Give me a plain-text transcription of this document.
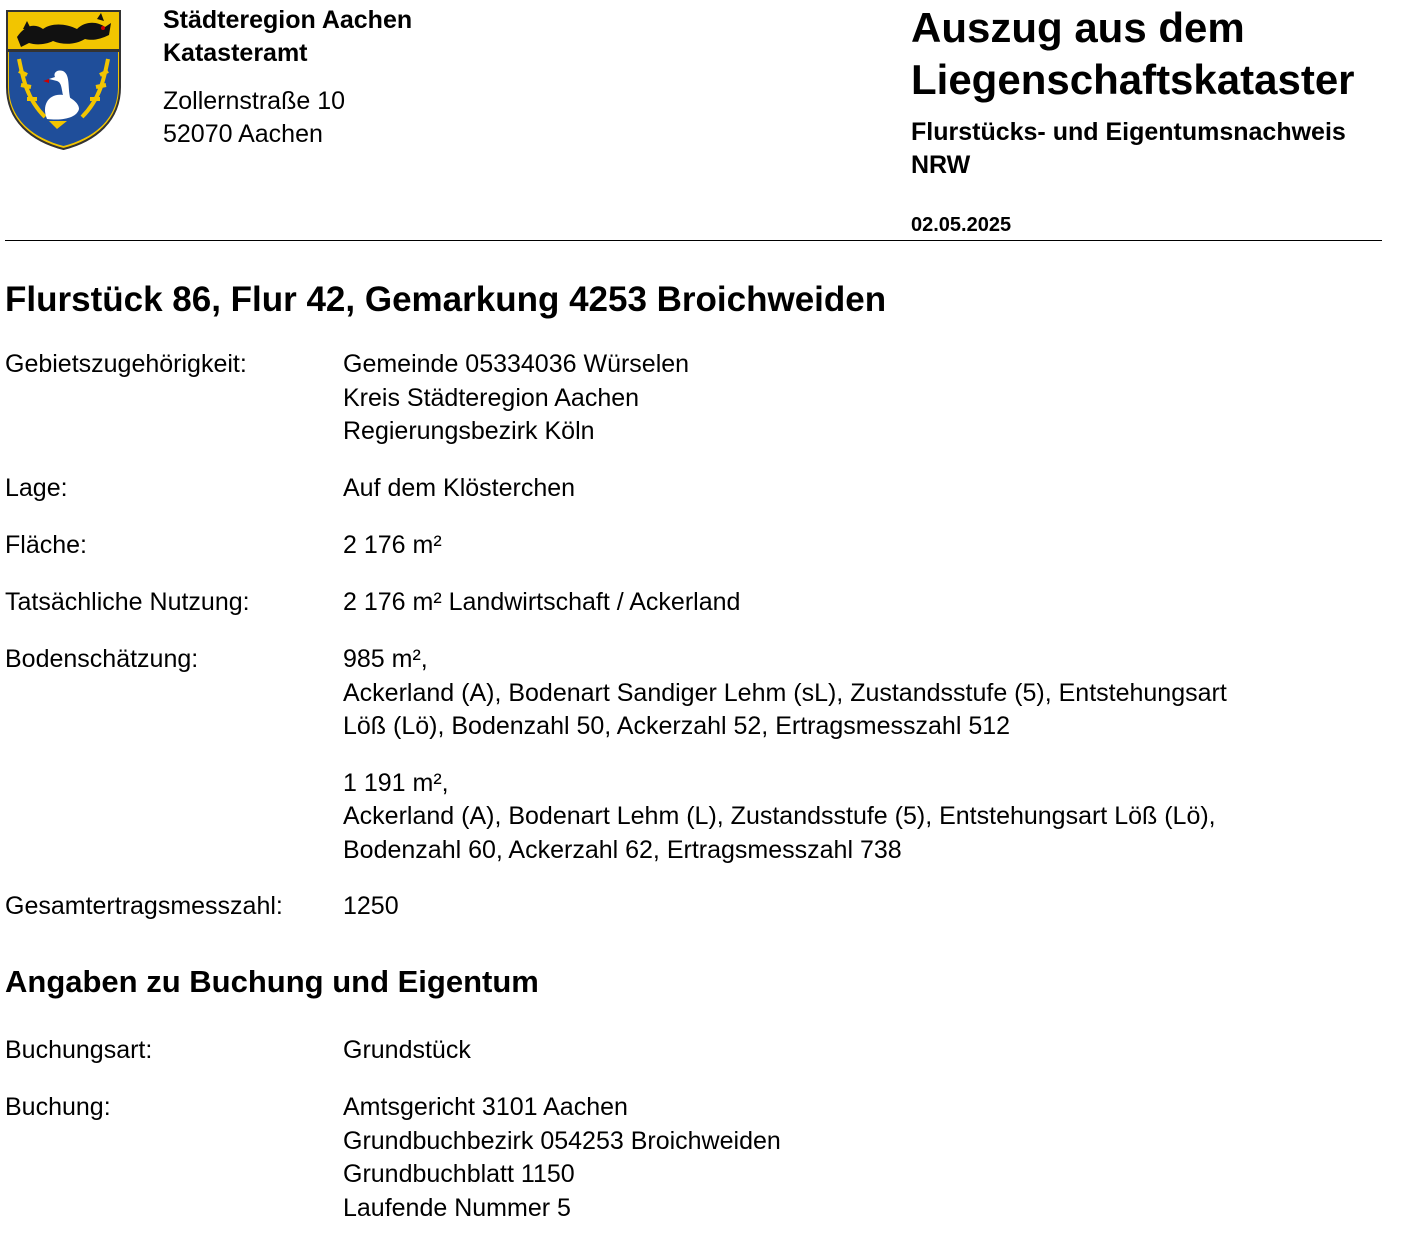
Städteregion Aachen
Katasteramt
Zollernstraße 10
52070 Aachen
Auszug aus dem
Liegenschaftskataster
Flurstücks- und Eigentumsnachweis
NRW
02.05.2025
Flurstück 86, Flur 42, Gemarkung 4253 Broichweiden
Gebietszugehörigkeit:	Gemeinde 05334036 Würselen
Kreis Städteregion Aachen
Regierungsbezirk Köln
Lage:	Auf dem Klösterchen
Fläche:	2 176 m²
Tatsächliche Nutzung:	2 176 m² Landwirtschaft / Ackerland
Bodenschätzung:	985 m²,
Ackerland (A), Bodenart Sandiger Lehm (sL), Zustandsstufe (5), Entstehungsart
Löß (Lö), Bodenzahl 50, Ackerzahl 52, Ertragsmesszahl 512
1 191 m²,
Ackerland (A), Bodenart Lehm (L), Zustandsstufe (5), Entstehungsart Löß (Lö),
Bodenzahl 60, Ackerzahl 62, Ertragsmesszahl 738
Gesamtertragsmesszahl:	1250
Angaben zu Buchung und Eigentum
Buchungsart:	Grundstück
Buchung:	Amtsgericht 3101 Aachen
Grundbuchbezirk 054253 Broichweiden
Grundbuchblatt 1150
Laufende Nummer 5
